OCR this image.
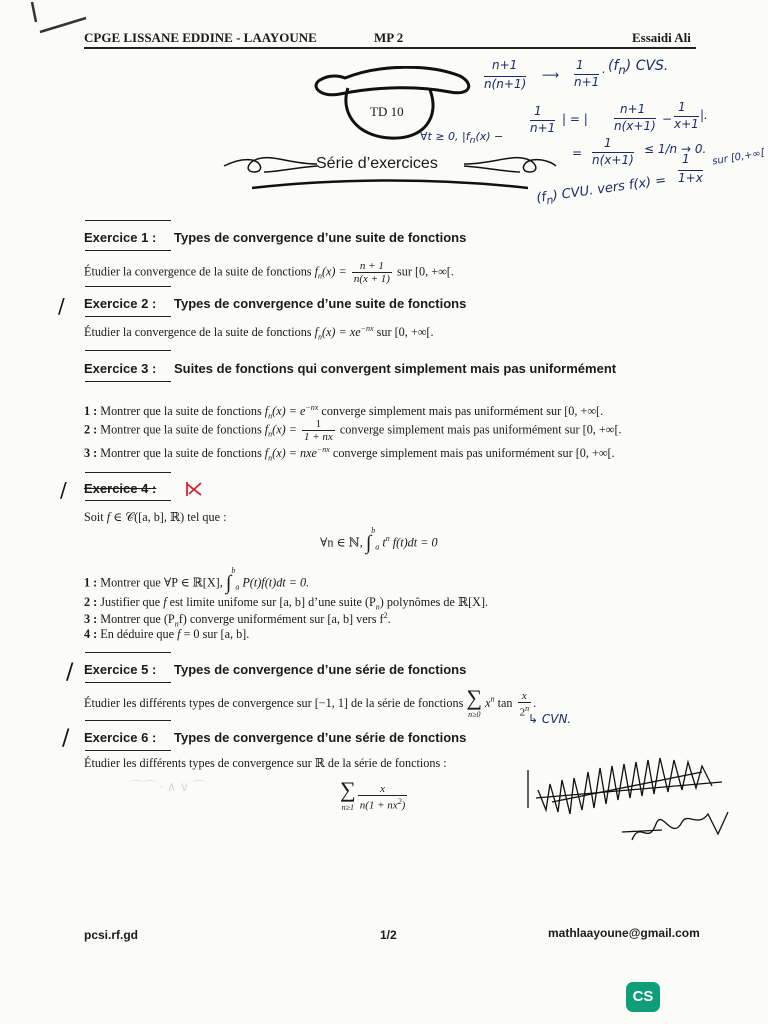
CPGE LISSANE EDDINE - LAAYOUNE	MP 2	Essaidi Ali
TD 10
Série d’exercices
n+1
n(n+1)
⟶
1
n+1
. $(f_n)$ CVS.
∀t ≥ 0, $|f_n(x)$ −
1
n+1
| = |
n+1
n(x+1) −
1
x+1
|.
=
1
n(x+1)
≤ 1/n → 0.
$(f_n)$ CVU. vers f(x) =
1
1+x
sur [0,+∞[
Exercice 1 : Types de convergence d’une suite de fonctions
Étudier la convergence de la suite de fonctions $f_n(x) = \frac{n + 1}{n(x + 1)}$ sur [0, +∞[.
/ Exercice 2 : Types de convergence d’une suite de fonctions
Étudier la convergence de la suite de fonctions $f_n(x) = xe^{-nx}$ sur [0, +∞[.
Exercice 3 : Suites de fonctions qui convergent simplement mais pas uniformément
1 : Montrer que la suite de fonctions $f_n(x) = e^{-nx}$ converge simplement mais pas uniformément sur [0, +∞[.
2 : Montrer que la suite de fonctions $f_n(x) = \frac{1}{1 + nx}$ converge simplement mais pas uniformément sur [0, +∞[.
3 : Montrer que la suite de fonctions $f_n(x) = nxe^{-nx}$ converge simplement mais pas uniformément sur [0, +∞[.
/ Exercice 4 :
Soit f ∈ 𝒞([a, b], ℝ) tel que :
∀n ∈ ℕ, ∫$^b_a$ $t^n$ f(t)dt = 0
1 : Montrer que ∀P ∈ ℝ[X], ∫$^b_a$ P(t)f(t)dt = 0.
2 : Justifier que f est limite unifome sur [a, b] d’une suite $(P_n)$ polynômes de ℝ[X].
3 : Montrer que $(P_nf)$ converge uniformément sur [a, b] vers $f^2$.
4 : En déduire que f = 0 sur [a, b].
/ Exercice 5 : Types de convergence d’une série de fonctions
Étudier les différents types de convergence sur [−1, 1] de la série de fonctions ∑
n≥0 $x^n$ $\tan \frac{x}{2^n}$ .
↳ CVN.
/ Exercice 6 : Types de convergence d’une série de fonctions
Étudier les différents types de convergence sur ℝ de la série de fonctions :
∑
$n\ge 1 \frac{x}{n(1 + nx^2)}$
⌒⌒ · ∧ ∨ ⌒
pcsi.rf.gd	1/2	mathlaayoune@gmail.com
CS
